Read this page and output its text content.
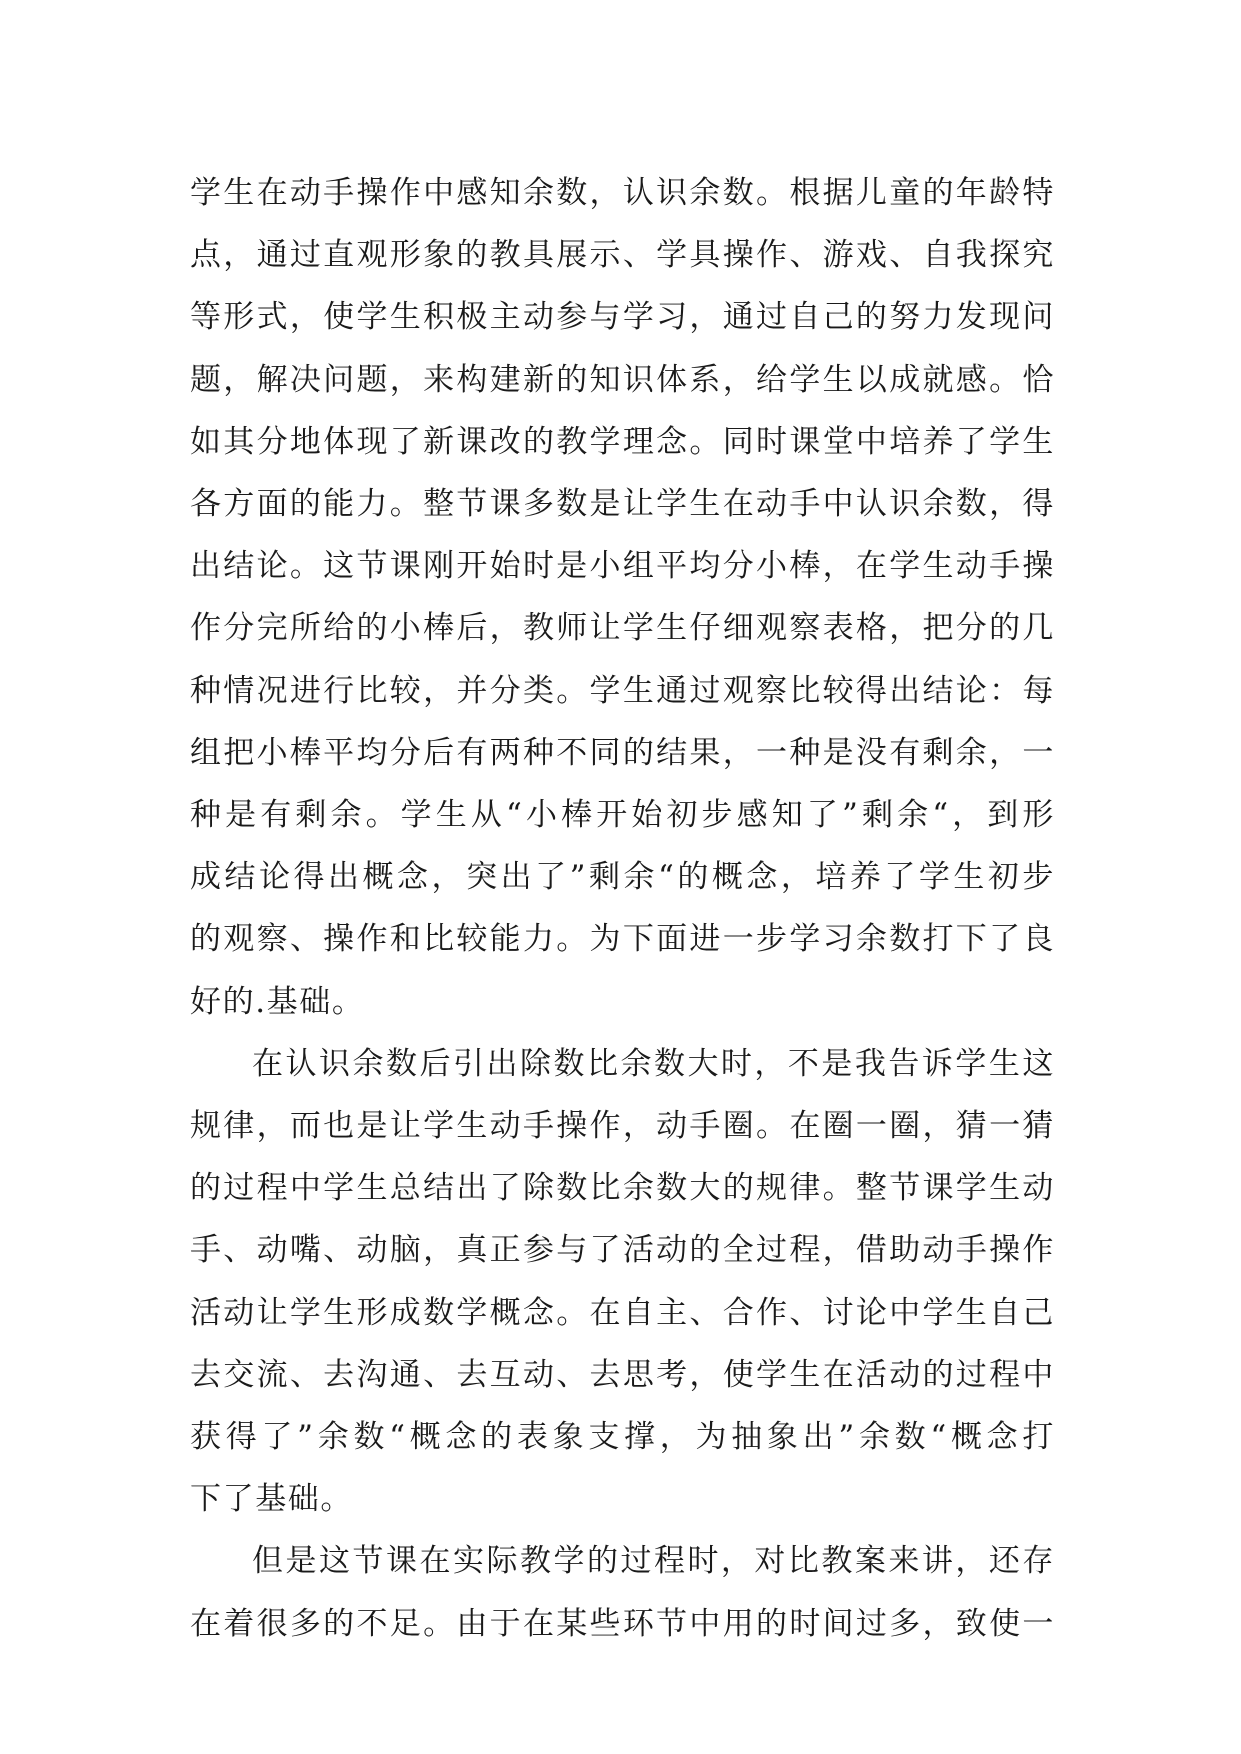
学生在动手操作中感知余数，认识余数。根据儿童的年龄特
点，通过直观形象的教具展示、学具操作、游戏、自我探究
等形式，使学生积极主动参与学习，通过自己的努力发现问
题，解决问题，来构建新的知识体系，给学生以成就感。恰
如其分地体现了新课改的教学理念。同时课堂中培养了学生
各方面的能力。整节课多数是让学生在动手中认识余数，得
出结论。这节课刚开始时是小组平均分小棒，在学生动手操
作分完所给的小棒后，教师让学生仔细观察表格，把分的几
种情况进行比较，并分类。学生通过观察比较得出结论：每
组把小棒平均分后有两种不同的结果，一种是没有剩余，一
种是有剩余。学生从“小棒开始初步感知了”剩余“，到形
成结论得出概念，突出了”剩余“的概念，培养了学生初步
的观察、操作和比较能力。为下面进一步学习余数打下了良
好的.基础。

在认识余数后引出除数比余数大时，不是我告诉学生这
规律，而也是让学生动手操作，动手圈。在圈一圈，猜一猜
的过程中学生总结出了除数比余数大的规律。整节课学生动
手、动嘴、动脑，真正参与了活动的全过程，借助动手操作
活动让学生形成数学概念。在自主、合作、讨论中学生自己
去交流、去沟通、去互动、去思考，使学生在活动的过程中
获得了”余数“概念的表象支撑，为抽象出”余数“概念打
下了基础。

但是这节课在实际教学的过程时，对比教案来讲，还存
在着很多的不足。由于在某些环节中用的时间过多，致使一
